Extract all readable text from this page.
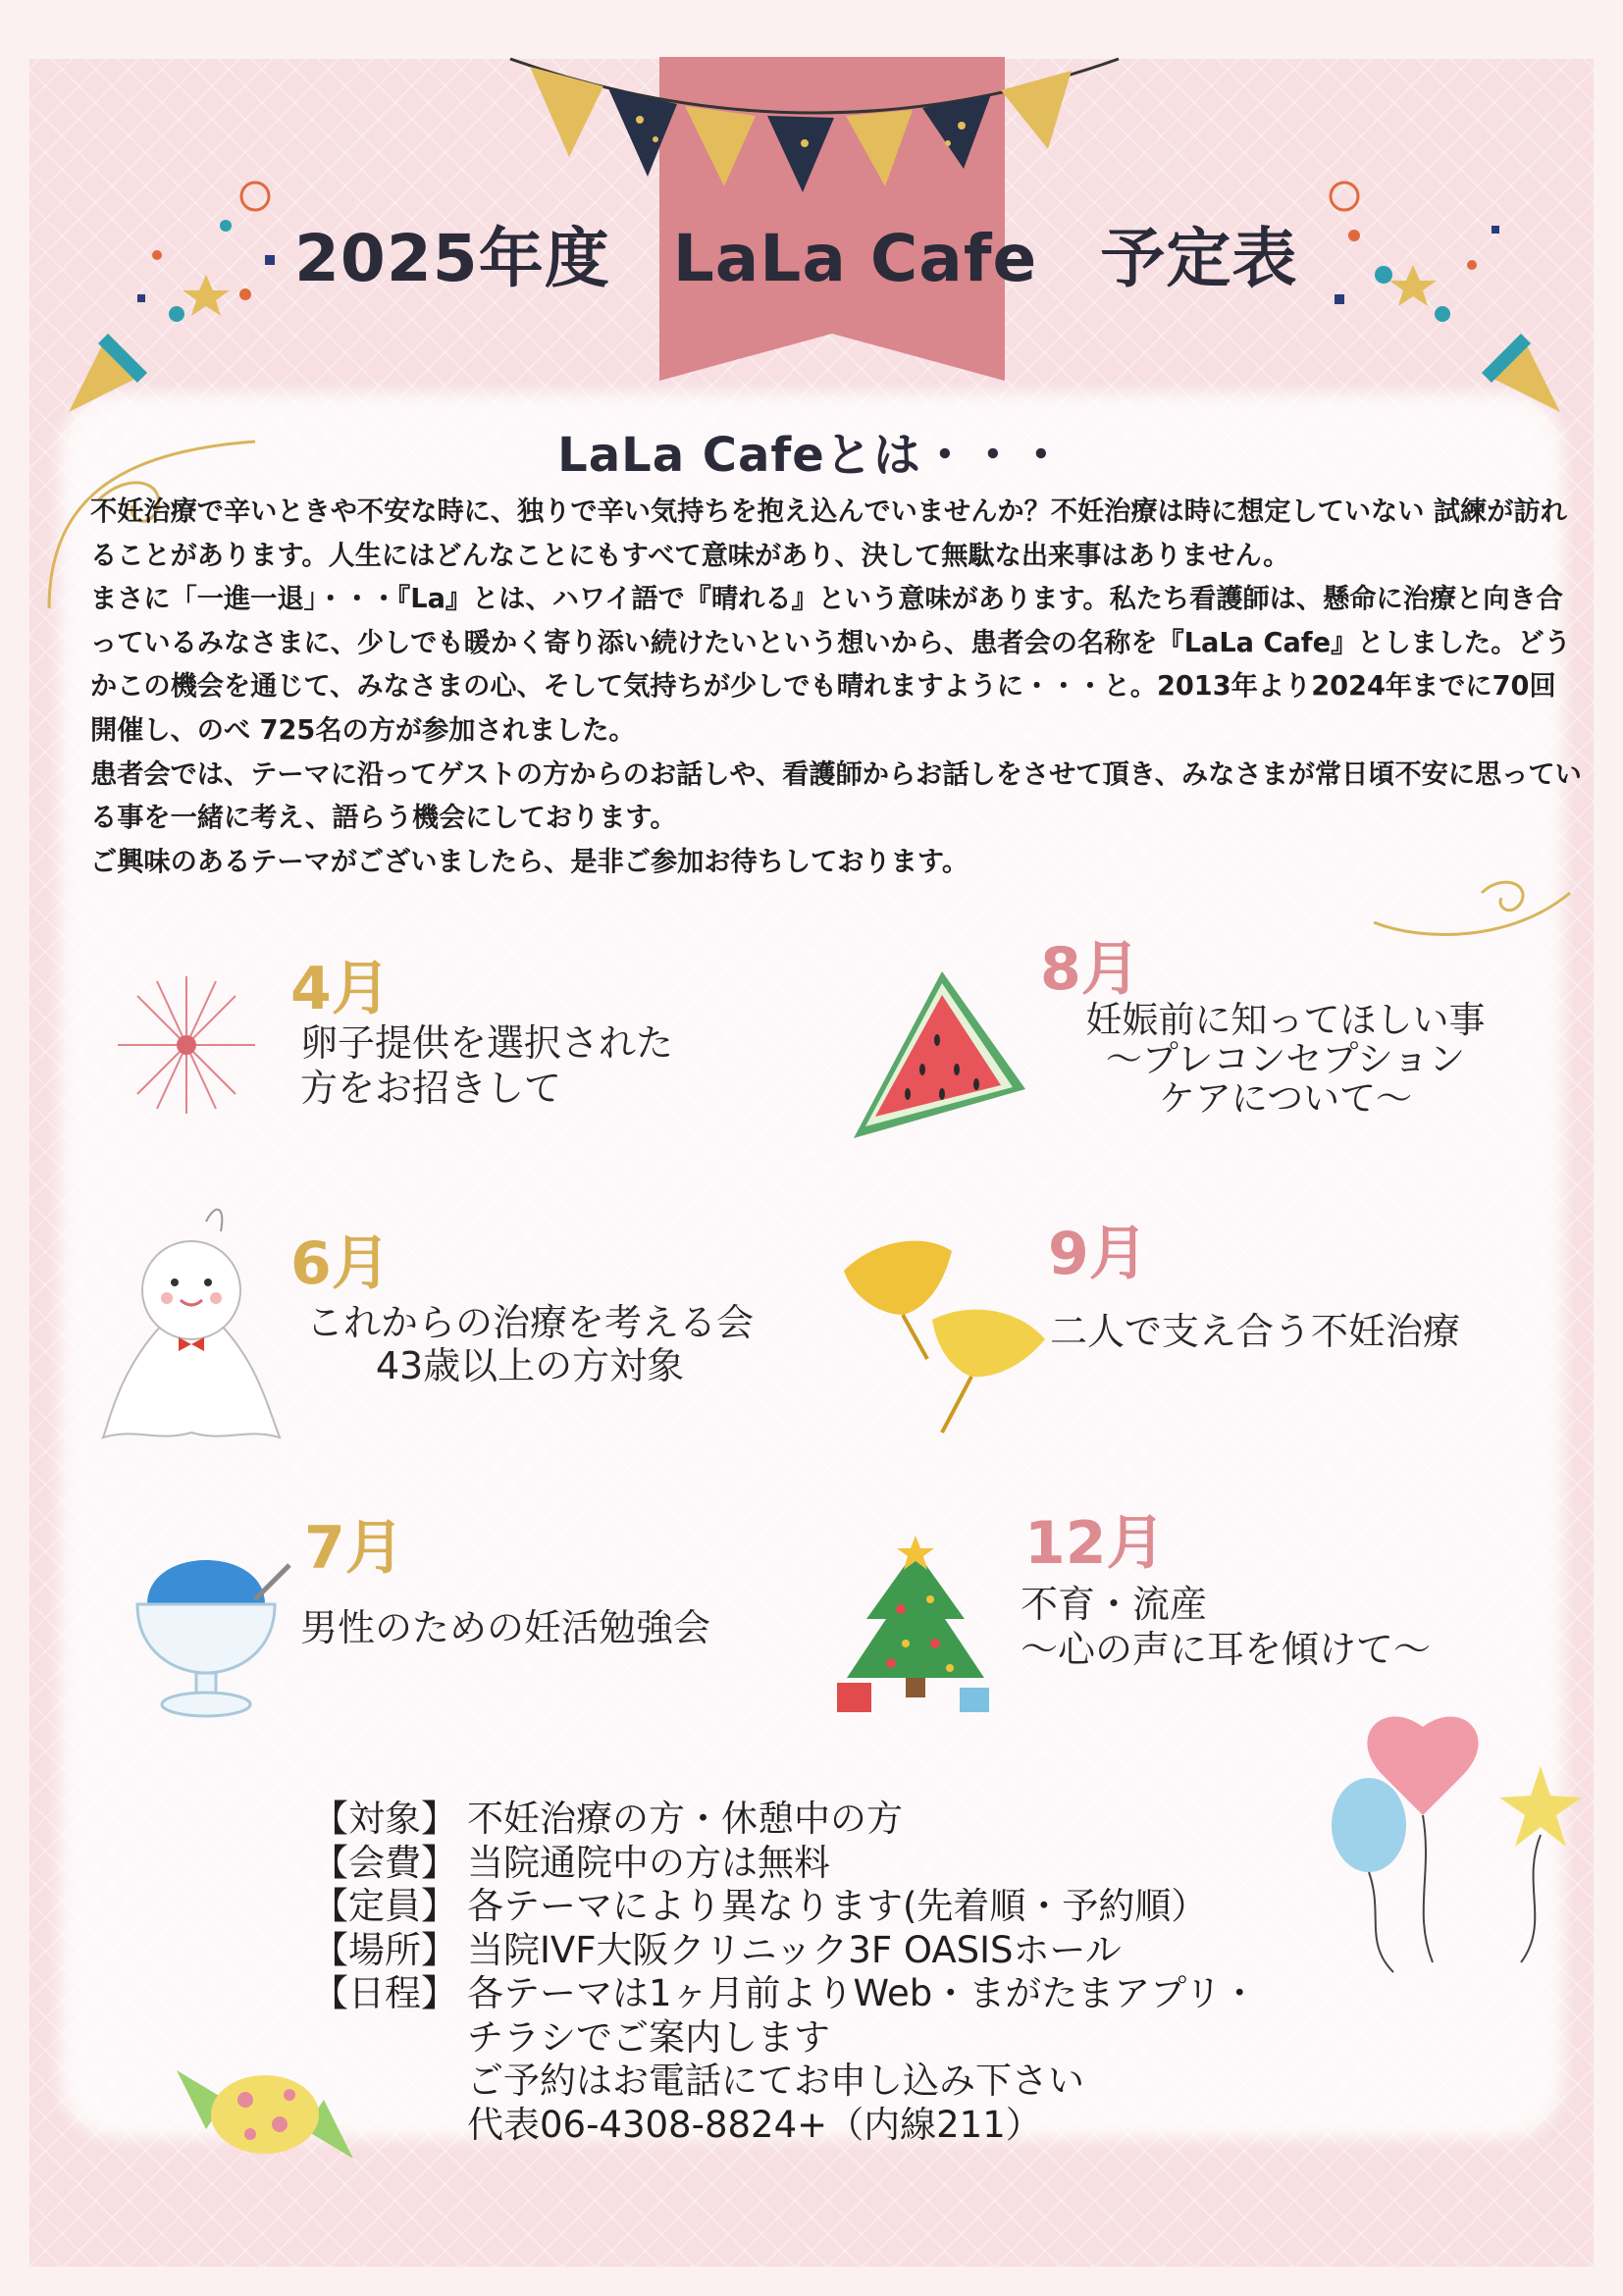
2025年度 LaLa Cafe 予定表
LaLa Cafeとは・・・

不妊治療で辛いときや不安な時に、独りで辛い気持ちを抱え込んでいませんか？不妊治療は時に想定していない 試練が訪れることがあります。人生にはどんなことにもすべて意味があり、決して無駄な出来事はありません。

まさに「一進一退」・・・『La』とは、ハワイ語で『晴れる』という意味があります。私たち看護師は、懸命に治療と向き合っているみなさまに、少しでも暖かく寄り添い続けたいという想いから、患者会の名称を『LaLa Cafe』としました。どうかこの機会を通じて、みなさまの心、そして気持ちが少しでも晴れますように・・・と。2013年より2024年までに70回開催し、のべ 725名の方が参加されました。

患者会では、テーマに沿ってゲストの方からのお話しや、看護師からお話しをさせて頂き、みなさまが常日頃不安に思っている事を一緒に考え、語らう機会にしております。

ご興味のあるテーマがございましたら、是非ご参加お待ちしております。

4月
卵子提供を選択された
方をお招きして
8月
妊娠前に知ってほしい事
～プレコンセプション
ケアについて～
6月
これからの治療を考える会
43歳以上の方対象
9月
二人で支え合う不妊治療
7月
男性のための妊活勉強会
12月
不育・流産
～心の声に耳を傾けて～
【対象】 不妊治療の方・休憩中の方
【会費】 当院通院中の方は無料
【定員】 各テーマにより異なります(先着順・予約順）
【場所】 当院IVF大阪クリニック3F OASISホール
【日程】 各テーマは1ヶ月前よりWeb・まがたまアプリ・
チラシでご案内します
ご予約はお電話にてお申し込み下さい
代表06-4308-8824+（内線211）
